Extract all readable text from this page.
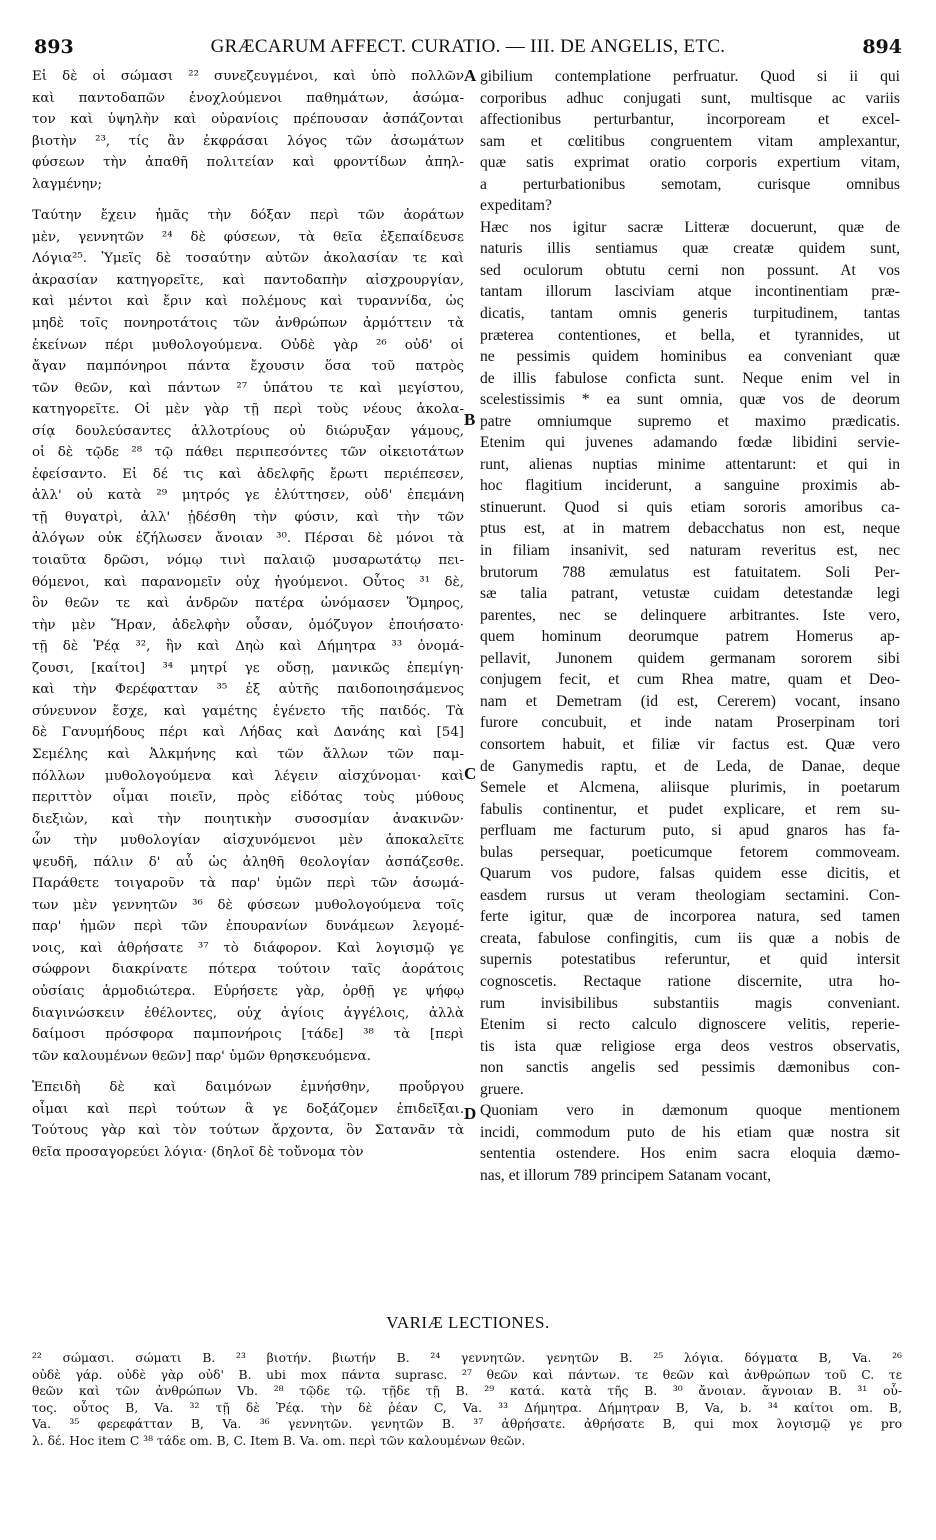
893	GRÆCARUM AFFECT. CURATIO. — III. DE ANGELIS, ETC.	894
Εἰ δὲ οἱ σώμασι ²² συνεζευγμένοι, καὶ ὑπὸ πολλῶν
καὶ παντοδαπῶν ἐνοχλούμενοι παθημάτων, ἀσώμα-
τον καὶ ὑψηλὴν καὶ οὐρανίοις πρέπουσαν ἀσπάζονται
βιοτὴν ²³, τίς ἂν ἐκφράσαι λόγος τῶν ἀσωμάτων
φύσεων τὴν ἀπαθῆ πολιτείαν καὶ φροντίδων ἀπηλ-
λαγμένην;
Ταύτην ἔχειν ἡμᾶς τὴν δόξαν περὶ τῶν ἀοράτων
μὲν, γεννητῶν ²⁴ δὲ φύσεων, τὰ θεῖα ἐξεπαίδευσε
Λόγια²⁵. Ὑμεῖς δὲ τοσαύτην αὐτῶν ἀκολασίαν τε καὶ
ἀκρασίαν κατηγορεῖτε, καὶ παντοδαπὴν αἰσχρουργίαν,
καὶ μέντοι καὶ ἔριν καὶ πολέμους καὶ τυραννίδα, ὡς
μηδὲ τοῖς πονηροτάτοις τῶν ἀνθρώπων ἁρμόττειν τὰ
ἐκείνων πέρι μυθολογούμενα. Οὐδὲ γὰρ ²⁶ οὐδ' οἱ
ἄγαν παμπόνηροι πάντα ἔχουσιν ὅσα τοῦ πατρὸς
τῶν θεῶν, καὶ πάντων ²⁷ ὑπάτου τε καὶ μεγίστου,
κατηγορεῖτε. Οἱ μὲν γὰρ τῇ περὶ τοὺς νέους ἀκολα-
σίᾳ δουλεύσαντες ἀλλοτρίους οὐ διώρυξαν γάμους,
οἱ δὲ τῷδε ²⁸ τῷ πάθει περιπεσόντες τῶν οἰκειοτάτων
ἐφείσαντο. Εἰ δέ τις καὶ ἀδελφῆς ἔρωτι περιέπεσεν,
ἀλλ' οὐ κατὰ ²⁹ μητρός γε ἐλύττησεν, οὐδ' ἐπεμάνη
τῇ θυγατρὶ, ἀλλ' ᾐδέσθη τὴν φύσιν, καὶ τὴν τῶν
ἀλόγων οὐκ ἐζήλωσεν ἄνοιαν ³⁰. Πέρσαι δὲ μόνοι τὰ
τοιαῦτα δρῶσι, νόμῳ τινὶ παλαιῷ μυσαρωτάτῳ πει-
θόμενοι, καὶ παρανομεῖν οὐχ ἡγούμενοι. Οὗτος ³¹ δὲ,
ὃν θεῶν τε καὶ ἀνδρῶν πατέρα ὠνόμασεν Ὅμηρος,
τὴν μὲν Ἥραν, ἀδελφὴν οὖσαν, ὁμόζυγον ἐποιήσατο·
τῇ δὲ Ῥέᾳ ³², ἣν καὶ Δηὼ καὶ Δήμητρα ³³ ὀνομά-
ζουσι, [καίτοι] ³⁴ μητρί γε οὔσῃ, μανικῶς ἐπεμίγη·
καὶ τὴν Φερέφατταν ³⁵ ἐξ αὐτῆς παιδοποιησάμενος
σύνευνον ἔσχε, καὶ γαμέτης ἐγένετο τῆς παιδός. Τὰ
δὲ Γανυμήδους πέρι καὶ Λήδας καὶ Δανάης καὶ [54]
Σεμέλης καὶ Ἀλκμήνης καὶ τῶν ἄλλων τῶν παμ-
πόλλων μυθολογούμενα καὶ λέγειν αἰσχύνομαι· καὶ
περιττὸν οἶμαι ποιεῖν, πρὸς εἰδότας τοὺς μύθους
διεξιὼν, καὶ τὴν ποιητικὴν συσοσμίαν ἀνακινῶν·
ὧν τὴν μυθολογίαν αἰσχυνόμενοι μὲν ἀποκαλεῖτε
ψευδῆ, πάλιν δ' αὖ ὡς ἀληθῆ θεολογίαν ἀσπάζεσθε.
Παράθετε τοιγαροῦν τὰ παρ' ὑμῶν περὶ τῶν ἀσωμά-
των μὲν γεννητῶν ³⁶ δὲ φύσεων μυθολογούμενα τοῖς
παρ' ἡμῶν περὶ τῶν ἐπουρανίων δυνάμεων λεγομέ-
νοις, καὶ ἀθρήσατε ³⁷ τὸ διάφορον. Καὶ λογισμῷ γε
σώφρονι διακρίνατε πότερα τούτοιν ταῖς ἀοράτοις
οὐσίαις ἁρμοδιώτερα. Εὑρήσετε γὰρ, ὀρθῇ γε ψήφῳ
διαγινώσκειν ἐθέλοντες, οὐχ ἁγίοις ἀγγέλοις, ἀλλὰ
δαίμοσι πρόσφορα παμπονήροις [τάδε] ³⁸ τὰ [περὶ
τῶν καλουμένων θεῶν] παρ' ὑμῶν θρησκευόμενα.
Ἐπειδὴ δὲ καὶ δαιμόνων ἐμνήσθην, προὔργου
οἶμαι καὶ περὶ τούτων ἃ γε δοξάζομεν ἐπιδεῖξαι.
Τούτους γὰρ καὶ τὸν τούτων ἄρχοντα, ὃν Σατανᾶν τὰ
θεῖα προσαγορεύει λόγια· (δηλοῖ δὲ τοὔνομα τὸν
gibilium contemplatione perfruatur. Quod si ii qui
corporibus adhuc conjugati sunt, multisque ac variis
affectionibus perturbantur, incorpoream et excel-
sam et cœlitibus congruentem vitam amplexantur,
quæ satis exprimat oratio corporis expertium vitam,
a perturbationibus semotam, curisque omnibus
expeditam?
Hæc nos igitur sacræ Litteræ docuerunt, quæ de
naturis illis sentiamus quæ creatæ quidem sunt,
sed oculorum obtutu cerni non possunt. At vos
tantam illorum lasciviam atque incontinentiam præ-
dicatis, tantam omnis generis turpitudinem, tantas
præterea contentiones, et bella, et tyrannides, ut
ne pessimis quidem hominibus ea conveniant quæ
de illis fabulose conficta sunt. Neque enim vel in
scelestissimis * ea sunt omnia, quæ vos de deorum
patre omniumque supremo et maximo prædicatis.
Etenim qui juvenes adamando fœdæ libidini servie-
runt, alienas nuptias minime attentarunt: et qui in
hoc flagitium inciderunt, a sanguine proximis ab-
stinuerunt. Quod si quis etiam sororis amoribus ca-
ptus est, at in matrem debacchatus non est, neque
in filiam insanivit, sed naturam reveritus est, nec
brutorum 788 æmulatus est fatuitatem. Soli Per-
sæ talia patrant, vetustæ cuidam detestandæ legi
parentes, nec se delinquere arbitrantes. Iste vero,
quem hominum deorumque patrem Homerus ap-
pellavit, Junonem quidem germanam sororem sibi
conjugem fecit, et cum Rhea matre, quam et Deo-
nam et Demetram (id est, Cererem) vocant, insano
furore concubuit, et inde natam Proserpinam tori
consortem habuit, et filiæ vir factus est. Quæ vero
de Ganymedis raptu, et de Leda, de Danae, deque
Semele et Alcmena, aliisque plurimis, in poetarum
fabulis continentur, et pudet explicare, et rem su-
perfluam me facturum puto, si apud gnaros has fa-
bulas persequar, poeticumque fetorem commoveam.
Quarum vos pudore, falsas quidem esse dicitis, et
easdem rursus ut veram theologiam sectamini. Con-
ferte igitur, quæ de incorporea natura, sed tamen
creata, fabulose confingitis, cum iis quæ a nobis de
supernis potestatibus referuntur, et quid intersit
cognoscetis. Rectaque ratione discernite, utra ho-
rum invisibilibus substantiis magis conveniant.
Etenim si recto calculo dignoscere velitis, reperie-
tis ista quæ religiose erga deos vestros observatis,
non sanctis angelis sed pessimis dæmonibus con-
gruere.
Quoniam vero in dæmonum quoque mentionem
incidi, commodum puto de his etiam quæ nostra sit
sententia ostendere. Hos enim sacra eloquia dæmo-
nas, et illorum 789 principem Satanam vocant,
A
B
C
D
VARIÆ LECTIONES.
²² σώμασι. σώματι B. ²³ βιοτήν. βιωτήν B. ²⁴ γεννητῶν. γενητῶν B. ²⁵ λόγια. δόγματα B, Va. ²⁶
οὐδὲ γάρ. οὐδὲ γὰρ οὐδ' B. ubi mox πάντα suprasc. ²⁷ θεῶν καὶ πάντων. τε θεῶν καὶ ἀνθρώπων τοῦ C. τε
θεῶν καὶ τῶν ἀνθρώπων Vb. ²⁸ τῷδε τῷ. τῇδε τῇ B. ²⁹ κατά. κατὰ τῆς B. ³⁰ ἄνοιαν. ἄγνοιαν B. ³¹ οὗ-
τος. οὗτος B, Va. ³² τῇ δὲ Ῥέᾳ. τὴν δὲ ῥέαν C, Va. ³³ Δήμητρα. Δήμητραν B, Va, b. ³⁴ καίτοι om. B,
Va. ³⁵ φερεφάτταν B, Va. ³⁶ γεννητῶν. γενητῶν B. ³⁷ ἀθρήσατε. ἀθρήσατε B, qui mox λογισμῷ γε pro
λ. δέ. Hoc item C ³⁸ τάδε om. B, C. Item B. Va. om. περὶ τῶν καλουμένων θεῶν.
